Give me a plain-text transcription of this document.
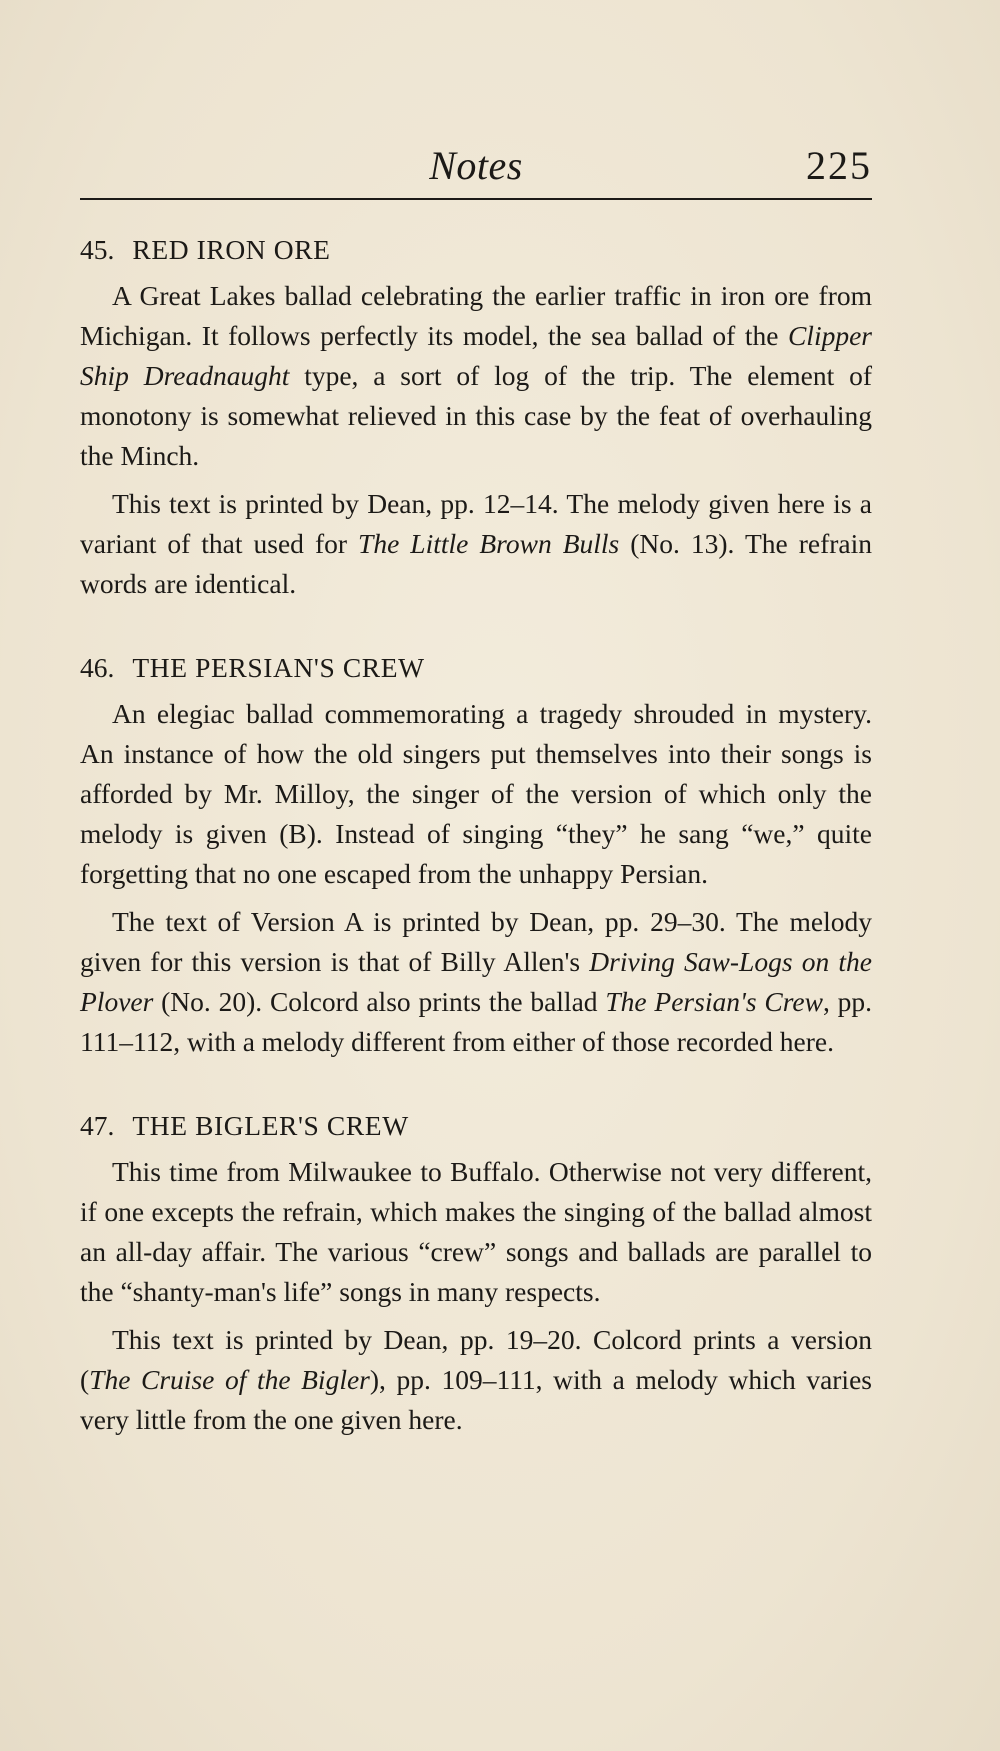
Notes	225
45. RED IRON ORE

A Great Lakes ballad celebrating the earlier traffic in iron ore from Michigan. It follows perfectly its model, the sea ballad of the Clipper Ship Dreadnaught type, a sort of log of the trip. The element of monotony is somewhat relieved in this case by the feat of overhauling the Minch.

This text is printed by Dean, pp. 12–14. The melody given here is a variant of that used for The Little Brown Bulls (No. 13). The refrain words are identical.

46. THE PERSIAN'S CREW

An elegiac ballad commemorating a tragedy shrouded in mystery. An instance of how the old singers put themselves into their songs is afforded by Mr. Milloy, the singer of the version of which only the melody is given (B). Instead of singing “they” he sang “we,” quite forgetting that no one escaped from the unhappy Persian.

The text of Version A is printed by Dean, pp. 29–30. The melody given for this version is that of Billy Allen's Driving Saw-Logs on the Plover (No. 20). Colcord also prints the ballad The Persian's Crew, pp. 111–112, with a melody different from either of those recorded here.

47. THE BIGLER'S CREW

This time from Milwaukee to Buffalo. Otherwise not very different, if one excepts the refrain, which makes the singing of the ballad almost an all-day affair. The various “crew” songs and ballads are parallel to the “shanty-man's life” songs in many respects.

This text is printed by Dean, pp. 19–20. Colcord prints a version (The Cruise of the Bigler), pp. 109–111, with a melody which varies very little from the one given here.
